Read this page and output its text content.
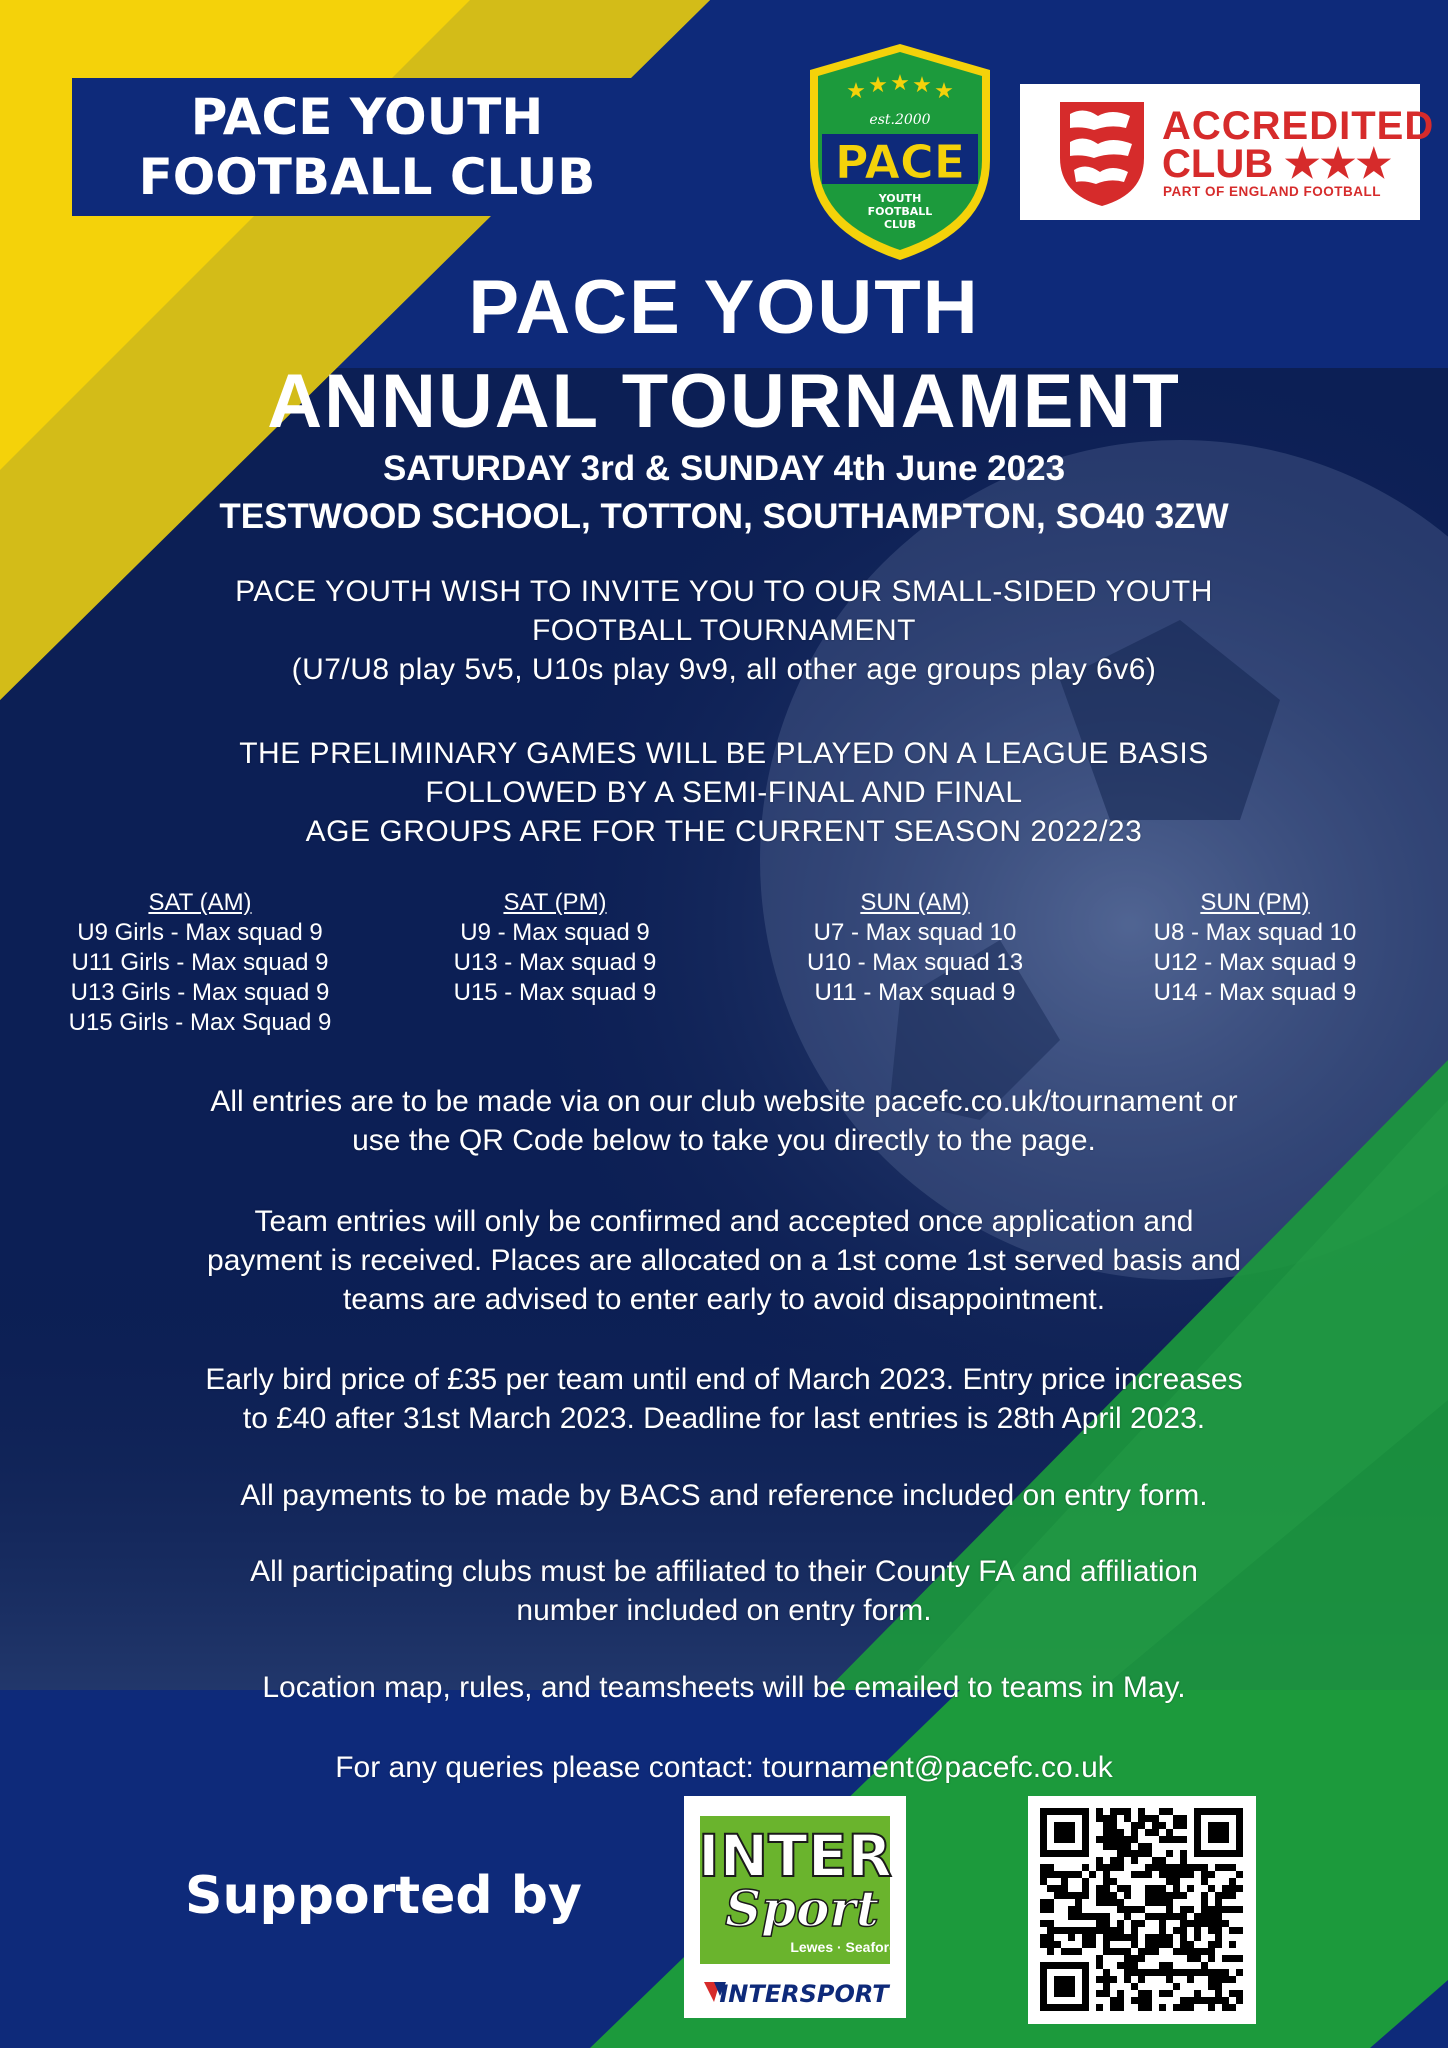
PACE YOUTH
FOOTBALL CLUB
★ ★ ★ ★ ★
est.2000
PACE
YOUTH
FOOTBALL
CLUB
ACCREDITED
CLUB ★★★
PART OF ENGLAND FOOTBALL
PACE YOUTH
ANNUAL TOURNAMENT
SATURDAY 3rd & SUNDAY 4th June 2023
TESTWOOD SCHOOL, TOTTON, SOUTHAMPTON, SO40 3ZW
PACE YOUTH WISH TO INVITE YOU TO OUR SMALL-SIDED YOUTH
FOOTBALL TOURNAMENT
(U7/U8 play 5v5, U10s play 9v9, all other age groups play 6v6)
THE PRELIMINARY GAMES WILL BE PLAYED ON A LEAGUE BASIS
FOLLOWED BY A SEMI-FINAL AND FINAL
AGE GROUPS ARE FOR THE CURRENT SEASON 2022/23
SAT (AM)
U9 Girls - Max squad 9
U11 Girls - Max squad 9
U13 Girls - Max squad 9
U15 Girls - Max Squad 9
SAT (PM)
U9 - Max squad 9
U13 - Max squad 9
U15 - Max squad 9
SUN (AM)
U7 - Max squad 10
U10 - Max squad 13
U11 - Max squad 9
SUN (PM)
U8 - Max squad 10
U12 - Max squad 9
U14 - Max squad 9
All entries are to be made via on our club website pacefc.co.uk/tournament or
use the QR Code below to take you directly to the page.
Team entries will only be confirmed and accepted once application and
payment is received. Places are allocated on a 1st come 1st served basis and
teams are advised to enter early to avoid disappointment.
Early bird price of £35 per team until end of March 2023. Entry price increases
to £40 after 31st March 2023. Deadline for last entries is 28th April 2023.
All payments to be made by BACS and reference included on entry form.
All participating clubs must be affiliated to their County FA and affiliation
number included on entry form.
Location map, rules, and teamsheets will be emailed to teams in May.
For any queries please contact: tournament@pacefc.co.uk
Supported by
INTER
Sport
Lewes · Seaford
INTERSPORT
